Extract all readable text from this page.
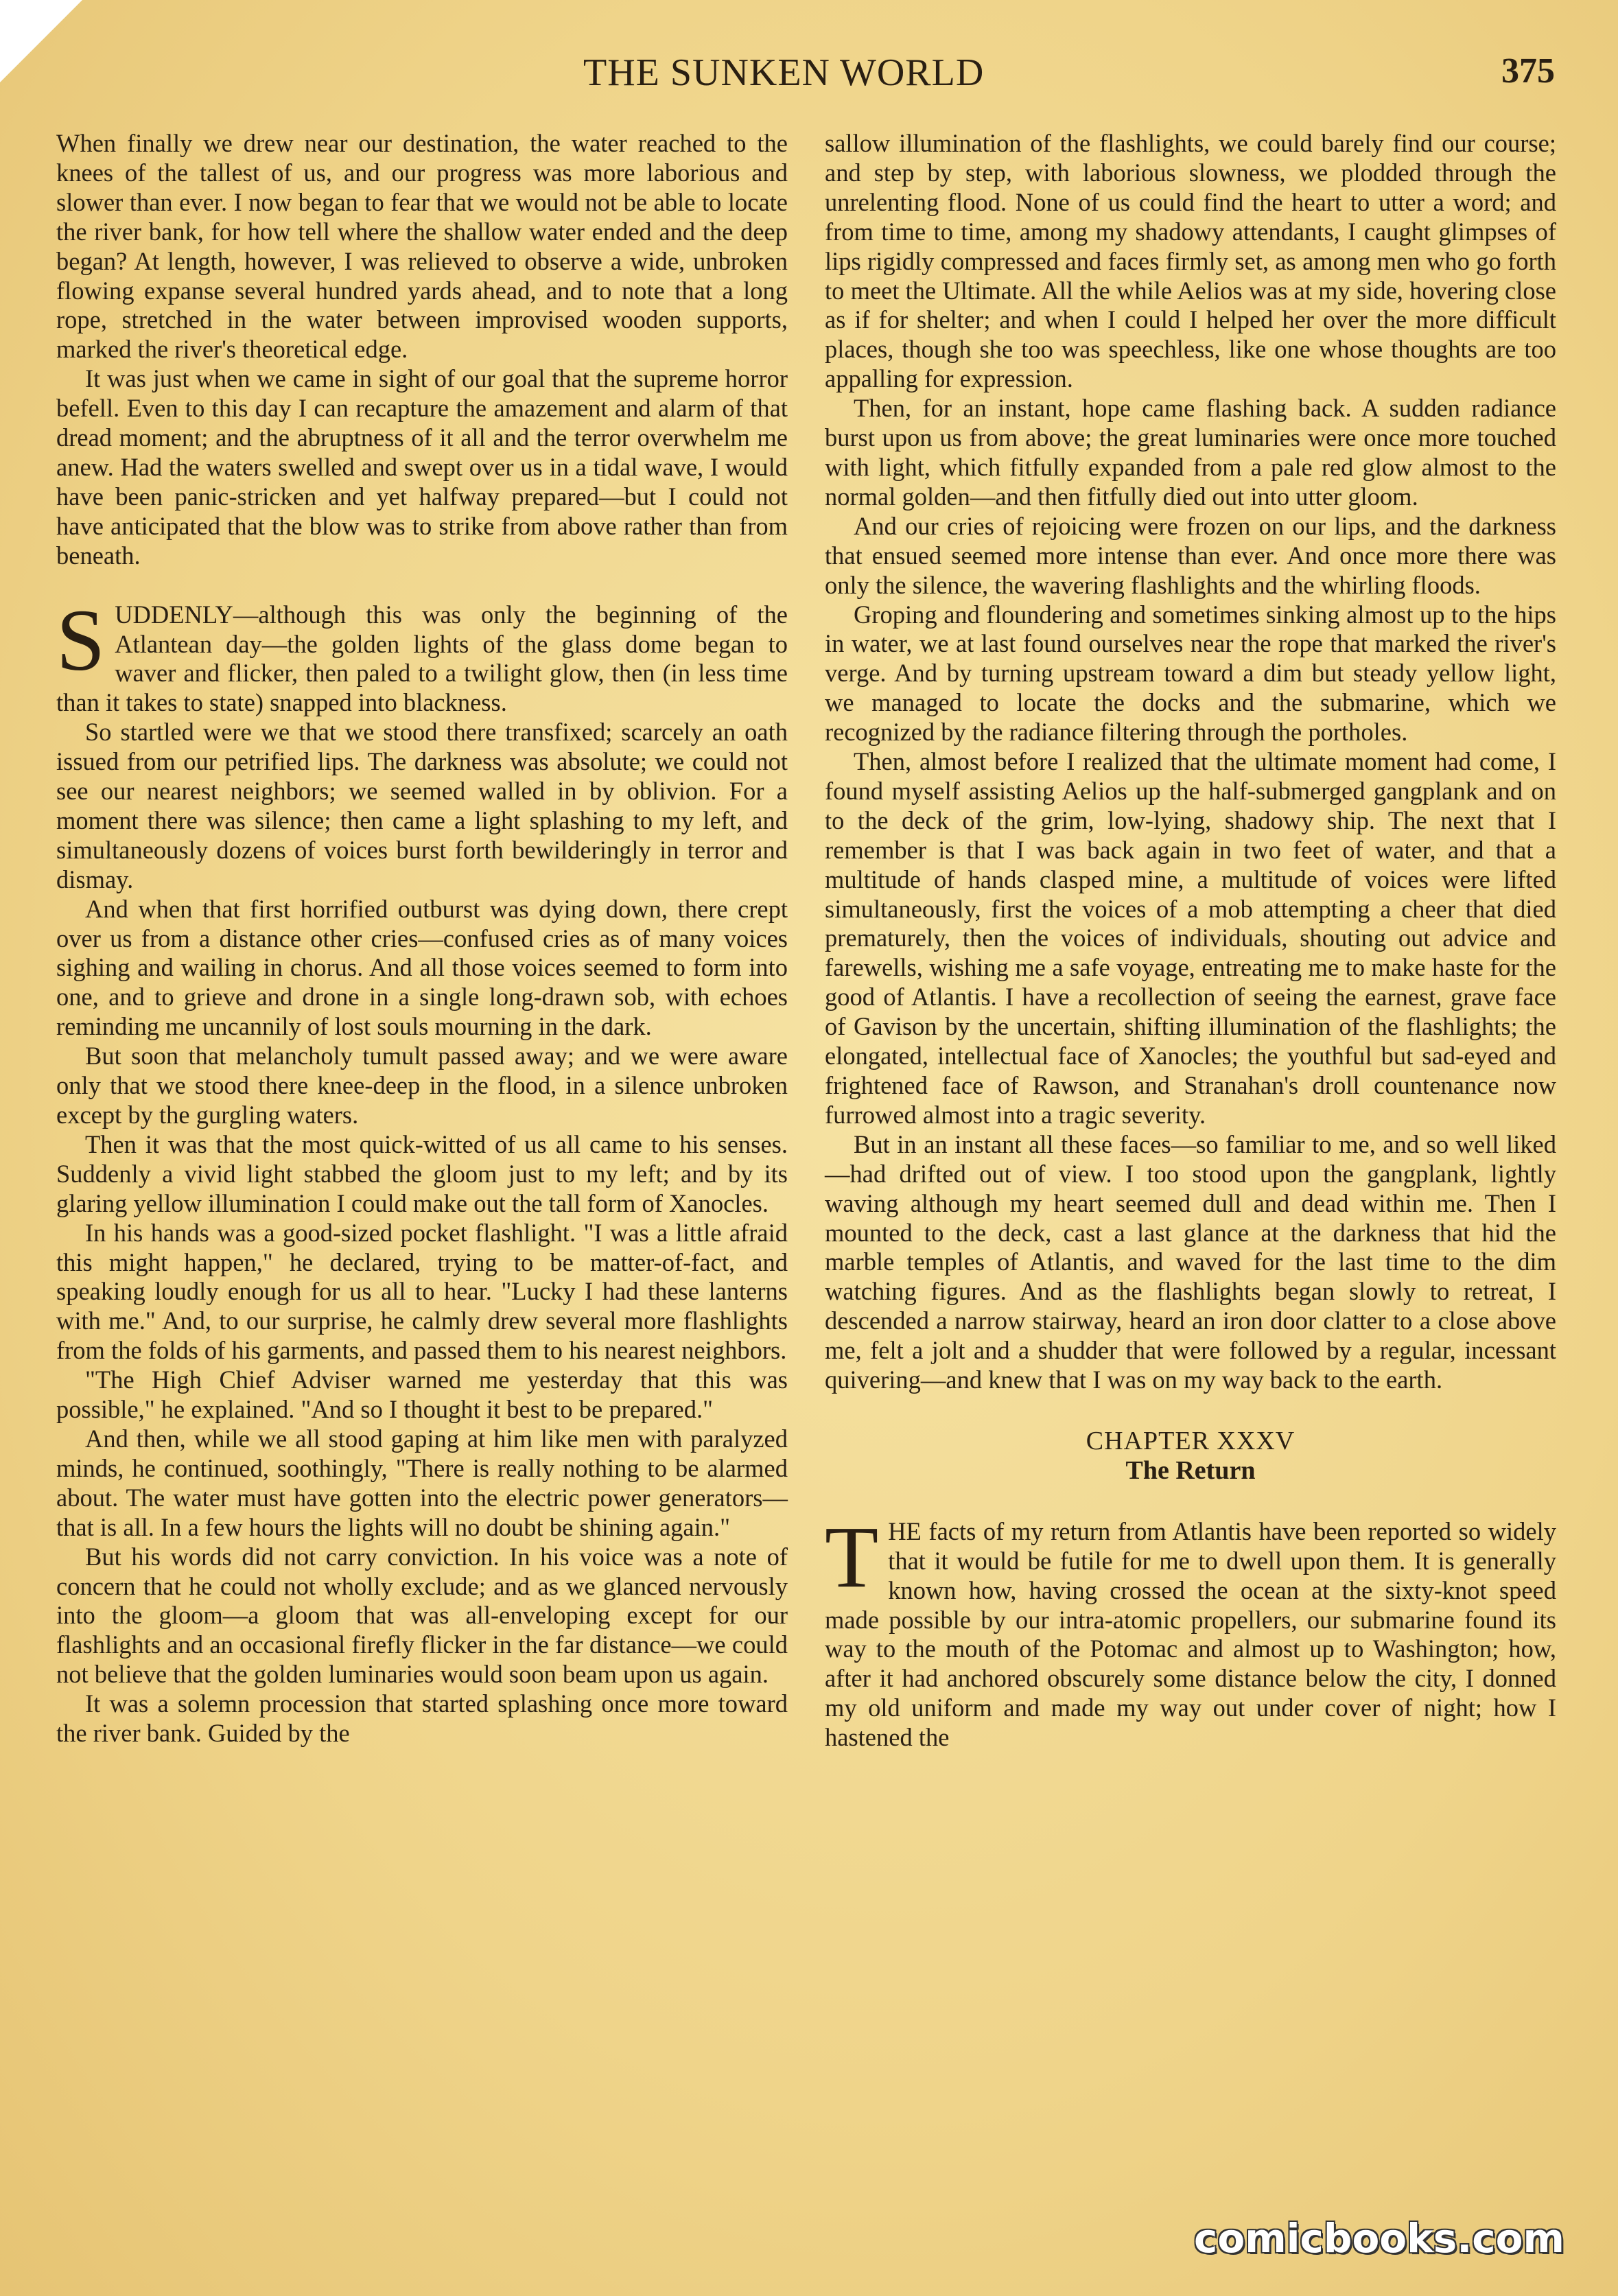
THE SUNKEN WORLD	375

When finally we drew near our destination, the water reached to the knees of the tallest of us, and our progress was more laborious and slower than ever. I now began to fear that we would not be able to locate the river bank, for how tell where the shallow water ended and the deep began? At length, however, I was relieved to observe a wide, unbroken flowing expanse several hundred yards ahead, and to note that a long rope, stretched in the water between improvised wooden supports, marked the river's theoretical edge.

It was just when we came in sight of our goal that the supreme horror befell. Even to this day I can recapture the amazement and alarm of that dread moment; and the abruptness of it all and the terror overwhelm me anew. Had the waters swelled and swept over us in a tidal wave, I would have been panic-stricken and yet halfway prepared—but I could not have anticipated that the blow was to strike from above rather than from beneath.

SUDDENLY—although this was only the beginning of the Atlantean day—the golden lights of the glass dome began to waver and flicker, then paled to a twilight glow, then (in less time than it takes to state) snapped into blackness.

So startled were we that we stood there transfixed; scarcely an oath issued from our petrified lips. The darkness was absolute; we could not see our nearest neighbors; we seemed walled in by oblivion. For a moment there was silence; then came a light splashing to my left, and simultaneously dozens of voices burst forth bewilderingly in terror and dismay.

And when that first horrified outburst was dying down, there crept over us from a distance other cries—confused cries as of many voices sighing and wailing in chorus. And all those voices seemed to form into one, and to grieve and drone in a single long-drawn sob, with echoes reminding me uncannily of lost souls mourning in the dark.

But soon that melancholy tumult passed away; and we were aware only that we stood there knee-deep in the flood, in a silence unbroken except by the gurgling waters.

Then it was that the most quick-witted of us all came to his senses. Suddenly a vivid light stabbed the gloom just to my left; and by its glaring yellow illumination I could make out the tall form of Xanocles.

In his hands was a good-sized pocket flashlight. "I was a little afraid this might happen," he declared, trying to be matter-of-fact, and speaking loudly enough for us all to hear. "Lucky I had these lanterns with me." And, to our surprise, he calmly drew several more flashlights from the folds of his garments, and passed them to his nearest neighbors.

"The High Chief Adviser warned me yesterday that this was possible," he explained. "And so I thought it best to be prepared."

And then, while we all stood gaping at him like men with paralyzed minds, he continued, soothingly, "There is really nothing to be alarmed about. The water must have gotten into the electric power generators—that is all. In a few hours the lights will no doubt be shining again."

But his words did not carry conviction. In his voice was a note of concern that he could not wholly exclude; and as we glanced nervously into the gloom—a gloom that was all-enveloping except for our flashlights and an occasional firefly flicker in the far distance—we could not believe that the golden luminaries would soon beam upon us again.

It was a solemn procession that started splashing once more toward the river bank. Guided by the

sallow illumination of the flashlights, we could barely find our course; and step by step, with laborious slowness, we plodded through the unrelenting flood. None of us could find the heart to utter a word; and from time to time, among my shadowy attendants, I caught glimpses of lips rigidly compressed and faces firmly set, as among men who go forth to meet the Ultimate. All the while Aelios was at my side, hovering close as if for shelter; and when I could I helped her over the more difficult places, though she too was speechless, like one whose thoughts are too appalling for expression.

Then, for an instant, hope came flashing back. A sudden radiance burst upon us from above; the great luminaries were once more touched with light, which fitfully expanded from a pale red glow almost to the normal golden—and then fitfully died out into utter gloom.

And our cries of rejoicing were frozen on our lips, and the darkness that ensued seemed more intense than ever. And once more there was only the silence, the wavering flashlights and the whirling floods.

Groping and floundering and sometimes sinking almost up to the hips in water, we at last found ourselves near the rope that marked the river's verge. And by turning upstream toward a dim but steady yellow light, we managed to locate the docks and the submarine, which we recognized by the radiance filtering through the portholes.

Then, almost before I realized that the ultimate moment had come, I found myself assisting Aelios up the half-submerged gangplank and on to the deck of the grim, low-lying, shadowy ship. The next that I remember is that I was back again in two feet of water, and that a multitude of hands clasped mine, a multitude of voices were lifted simultaneously, first the voices of a mob attempting a cheer that died prematurely, then the voices of individuals, shouting out advice and farewells, wishing me a safe voyage, entreating me to make haste for the good of Atlantis. I have a recollection of seeing the earnest, grave face of Gavison by the uncertain, shifting illumination of the flashlights; the elongated, intellectual face of Xanocles; the youthful but sad-eyed and frightened face of Rawson, and Stranahan's droll countenance now furrowed almost into a tragic severity.

But in an instant all these faces—so familiar to me, and so well liked—had drifted out of view. I too stood upon the gangplank, lightly waving although my heart seemed dull and dead within me. Then I mounted to the deck, cast a last glance at the darkness that hid the marble temples of Atlantis, and waved for the last time to the dim watching figures. And as the flashlights began slowly to retreat, I descended a narrow stairway, heard an iron door clatter to a close above me, felt a jolt and a shudder that were followed by a regular, incessant quivering—and knew that I was on my way back to the earth.

CHAPTER XXXV
The Return

THE facts of my return from Atlantis have been reported so widely that it would be futile for me to dwell upon them. It is generally known how, having crossed the ocean at the sixty-knot speed made possible by our intra-atomic propellers, our submarine found its way to the mouth of the Potomac and almost up to Washington; how, after it had anchored obscurely some distance below the city, I donned my old uniform and made my way out under cover of night; how I hastened the

comicbooks.com
